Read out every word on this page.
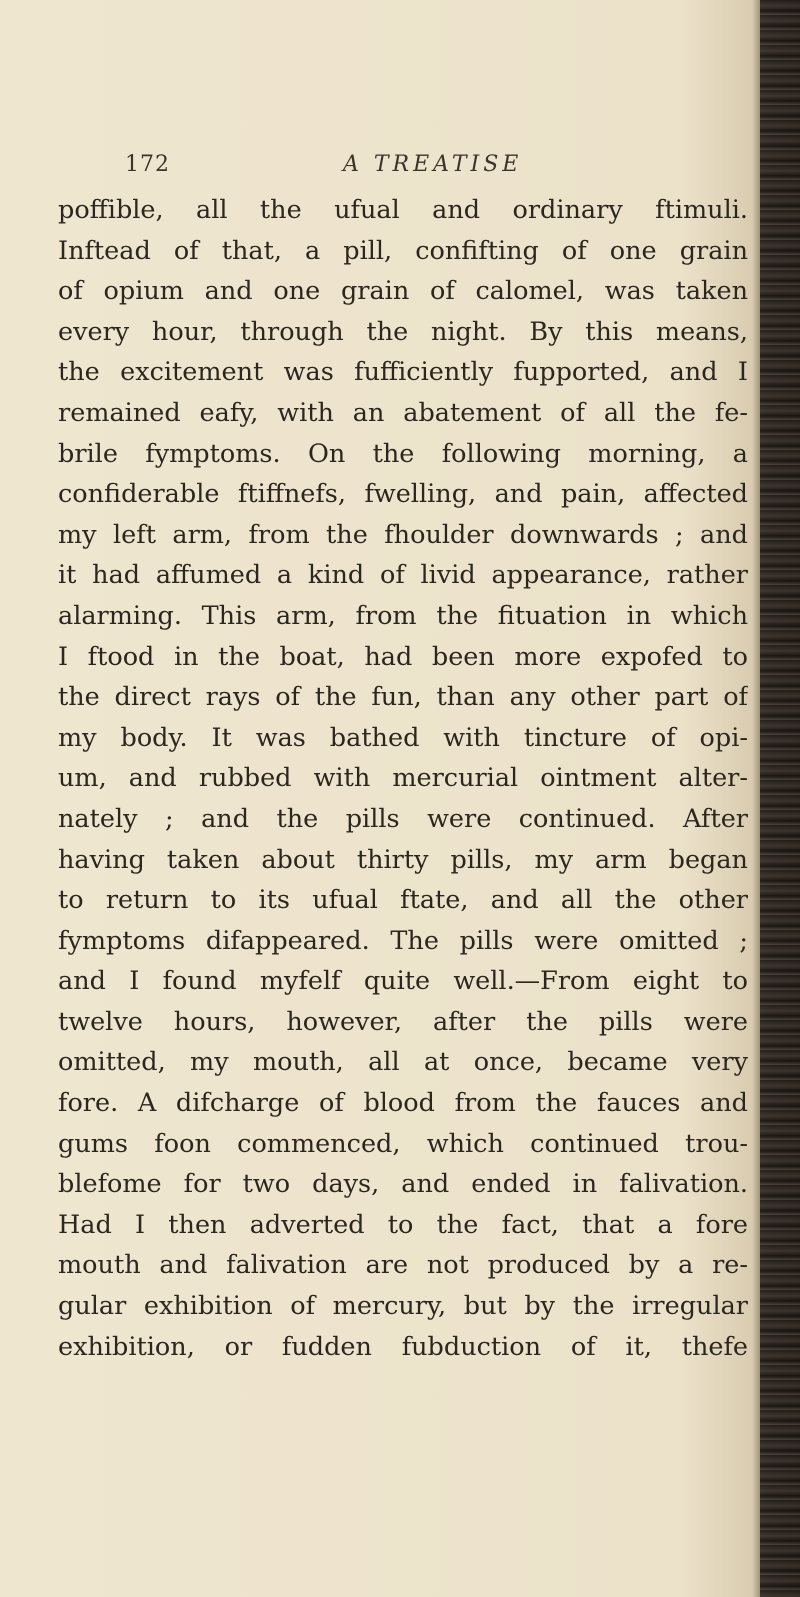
172	A TREATISE
poffible, all the ufual and ordinary ftimuli.
Inftead of that, a pill, confifting of one grain
of opium and one grain of calomel, was taken
every hour, through the night. By this means,
the excitement was fufficiently fupported, and I
remained eafy, with an abatement of all the fe-
brile fymptoms. On the following morning, a
confiderable ftiffnefs, fwelling, and pain, affected
my left arm, from the fhoulder downwards ; and
it had affumed a kind of livid appearance, rather
alarming. This arm, from the fituation in which
I ftood in the boat, had been more expofed to
the direct rays of the fun, than any other part of
my body. It was bathed with tincture of opi-
um, and rubbed with mercurial ointment alter-
nately ; and the pills were continued. After
having taken about thirty pills, my arm began
to return to its ufual ftate, and all the other
fymptoms difappeared. The pills were omitted ;
and I found myfelf quite well.—From eight to
twelve hours, however, after the pills were
omitted, my mouth, all at once, became very
fore. A difcharge of blood from the fauces and
gums foon commenced, which continued trou-
blefome for two days, and ended in falivation.
Had I then adverted to the fact, that a fore
mouth and falivation are not produced by a re-
gular exhibition of mercury, but by the irregular
exhibition, or fudden fubduction of it, thefe
